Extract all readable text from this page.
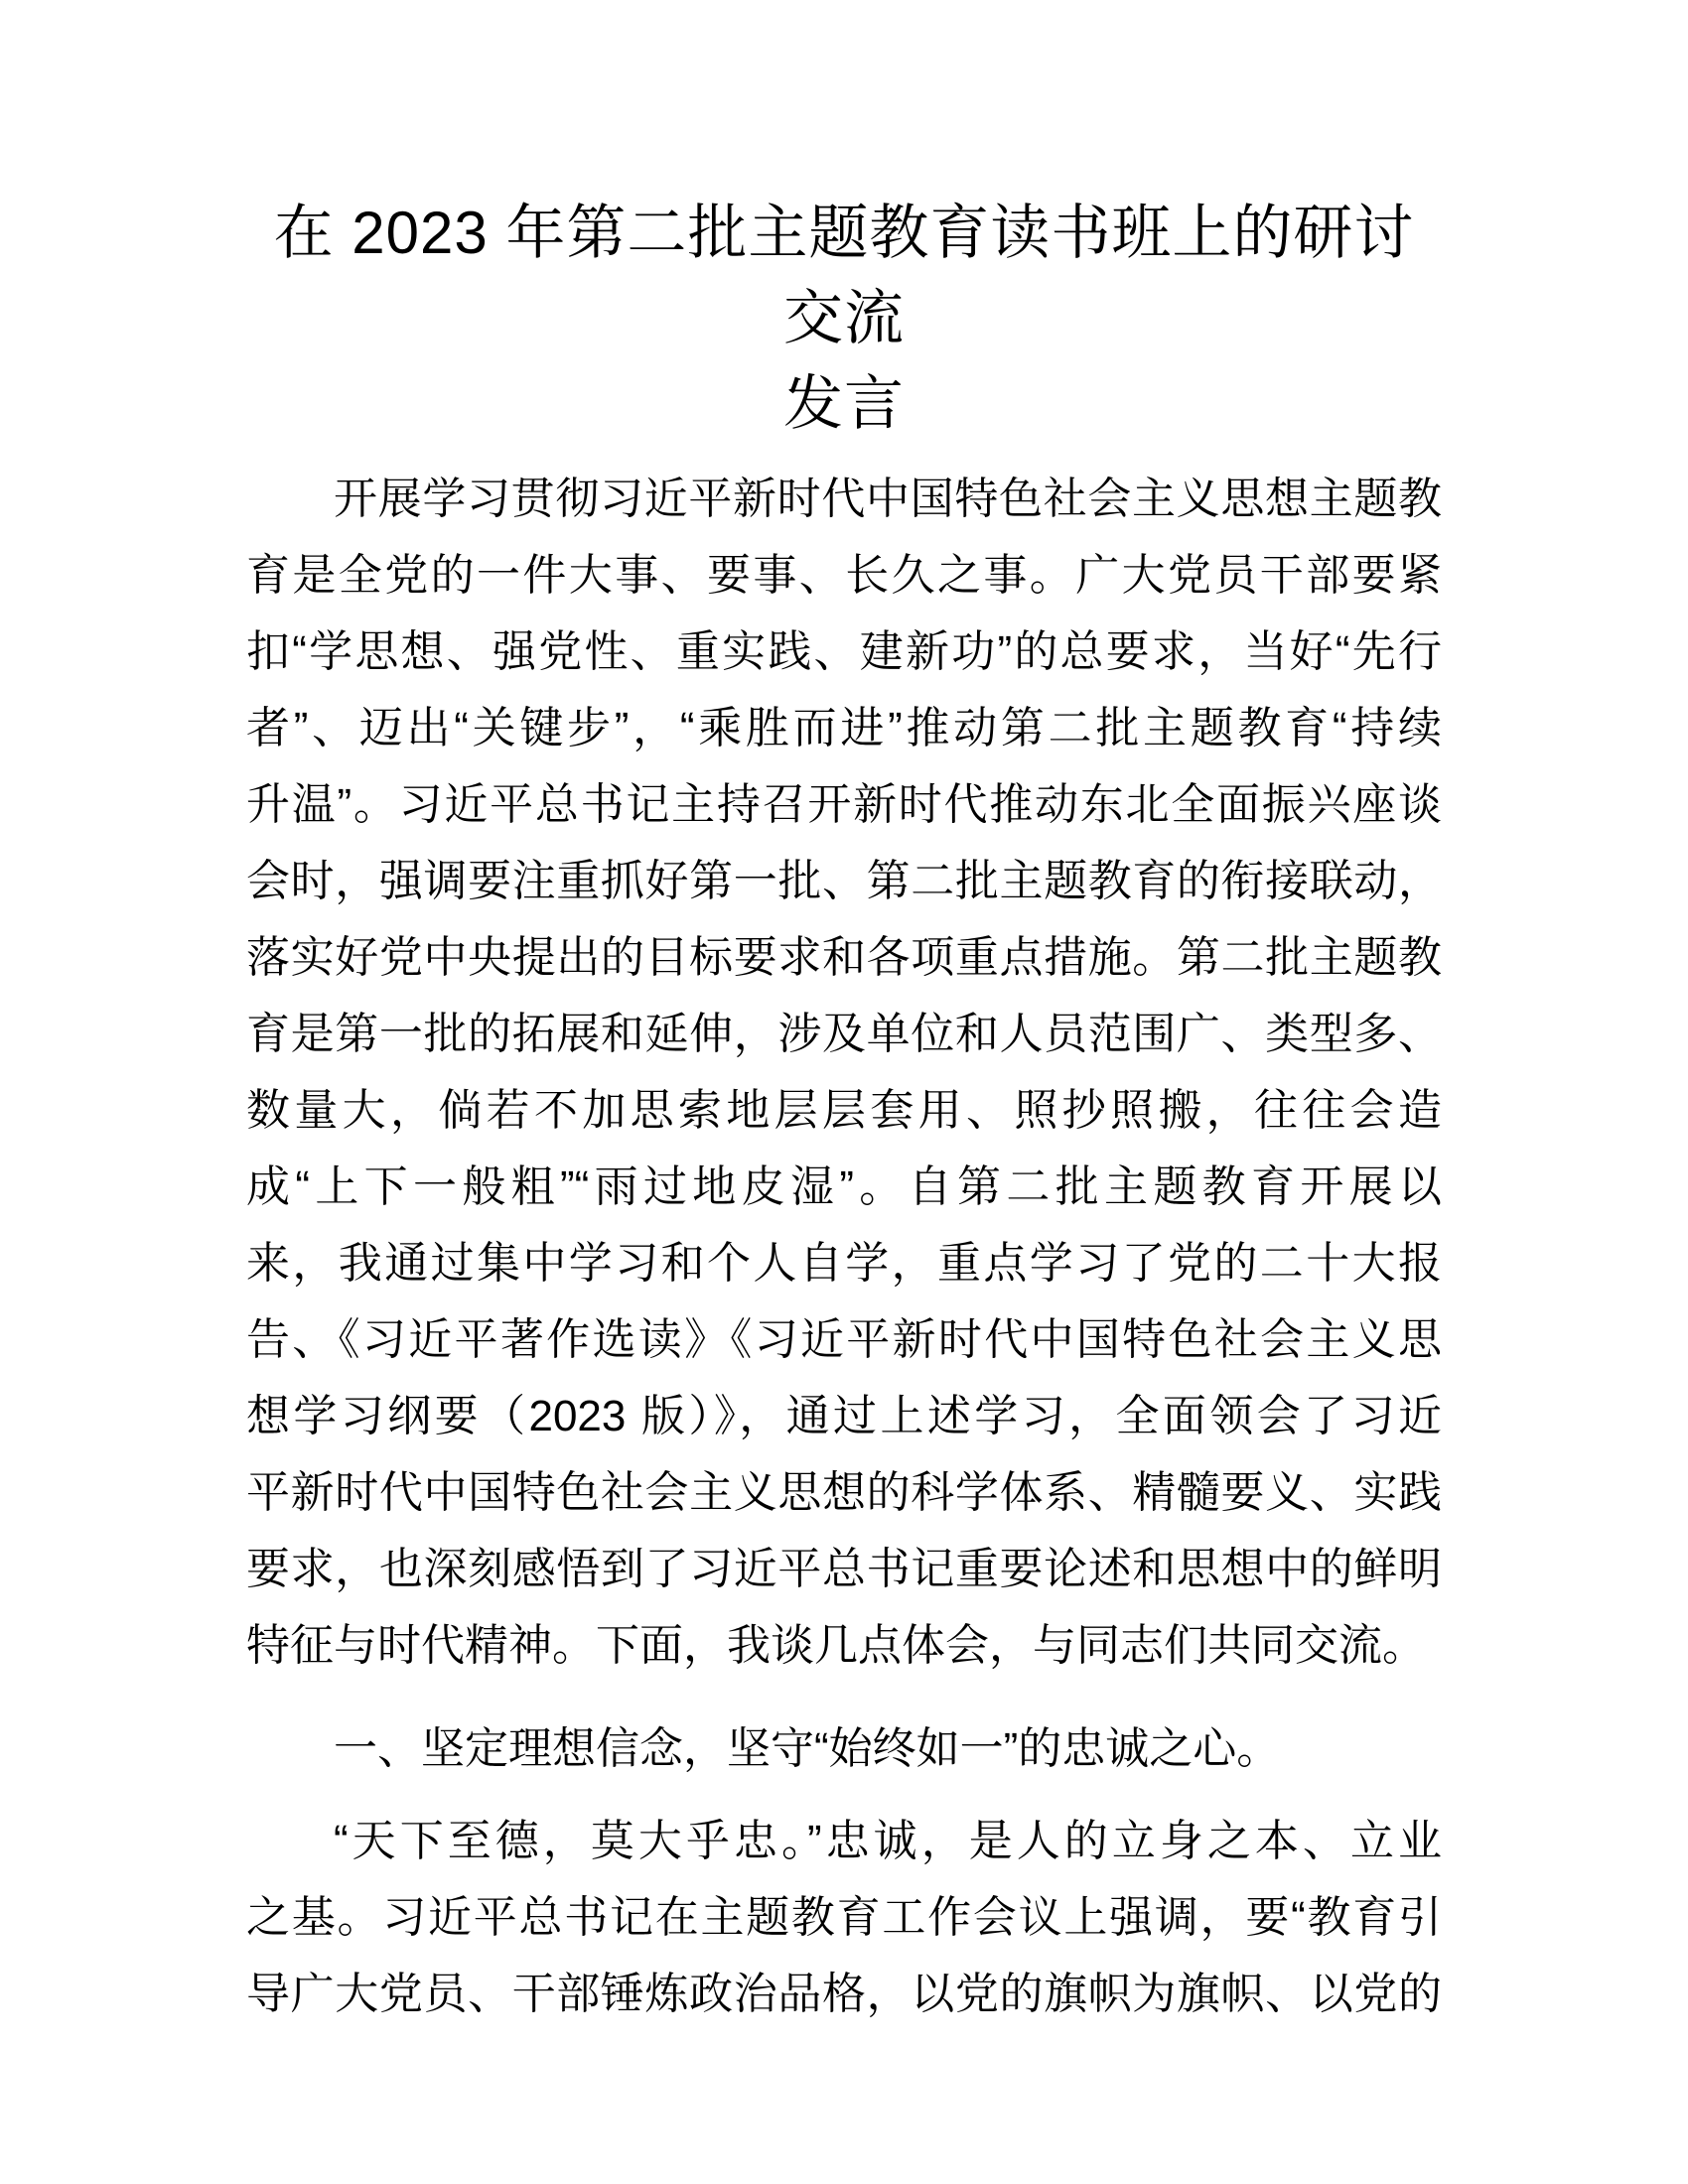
在 2023 年第二批主题教育读书班上的研讨交流
发言
开展学习贯彻习近平新时代中国特色社会主义思想主题教
育是全党的一件大事、要事、长久之事。广大党员干部要紧
扣“学思想、强党性、重实践、建新功”的总要求，当好“先行
者”、迈出“关键步”，“乘胜而进”推动第二批主题教育“持续
升温”。习近平总书记主持召开新时代推动东北全面振兴座谈
会时，强调要注重抓好第一批、第二批主题教育的衔接联动，
落实好党中央提出的目标要求和各项重点措施。第二批主题教
育是第一批的拓展和延伸，涉及单位和人员范围广、类型多、
数量大，倘若不加思索地层层套用、照抄照搬，往往会造
成“上下一般粗”“雨过地皮湿”。自第二批主题教育开展以
来，我通过集中学习和个人自学，重点学习了党的二十大报
告、《习近平著作选读》《习近平新时代中国特色社会主义思
想学习纲要（2023 版）》，通过上述学习，全面领会了习近
平新时代中国特色社会主义思想的科学体系、精髓要义、实践
要求，也深刻感悟到了习近平总书记重要论述和思想中的鲜明
特征与时代精神。下面，我谈几点体会，与同志们共同交流。
一、坚定理想信念，坚守“始终如一”的忠诚之心。
“天下至德，莫大乎忠。”忠诚，是人的立身之本、立业
之基。习近平总书记在主题教育工作会议上强调，要“教育引
导广大党员、干部锤炼政治品格，以党的旗帜为旗帜、以党的
